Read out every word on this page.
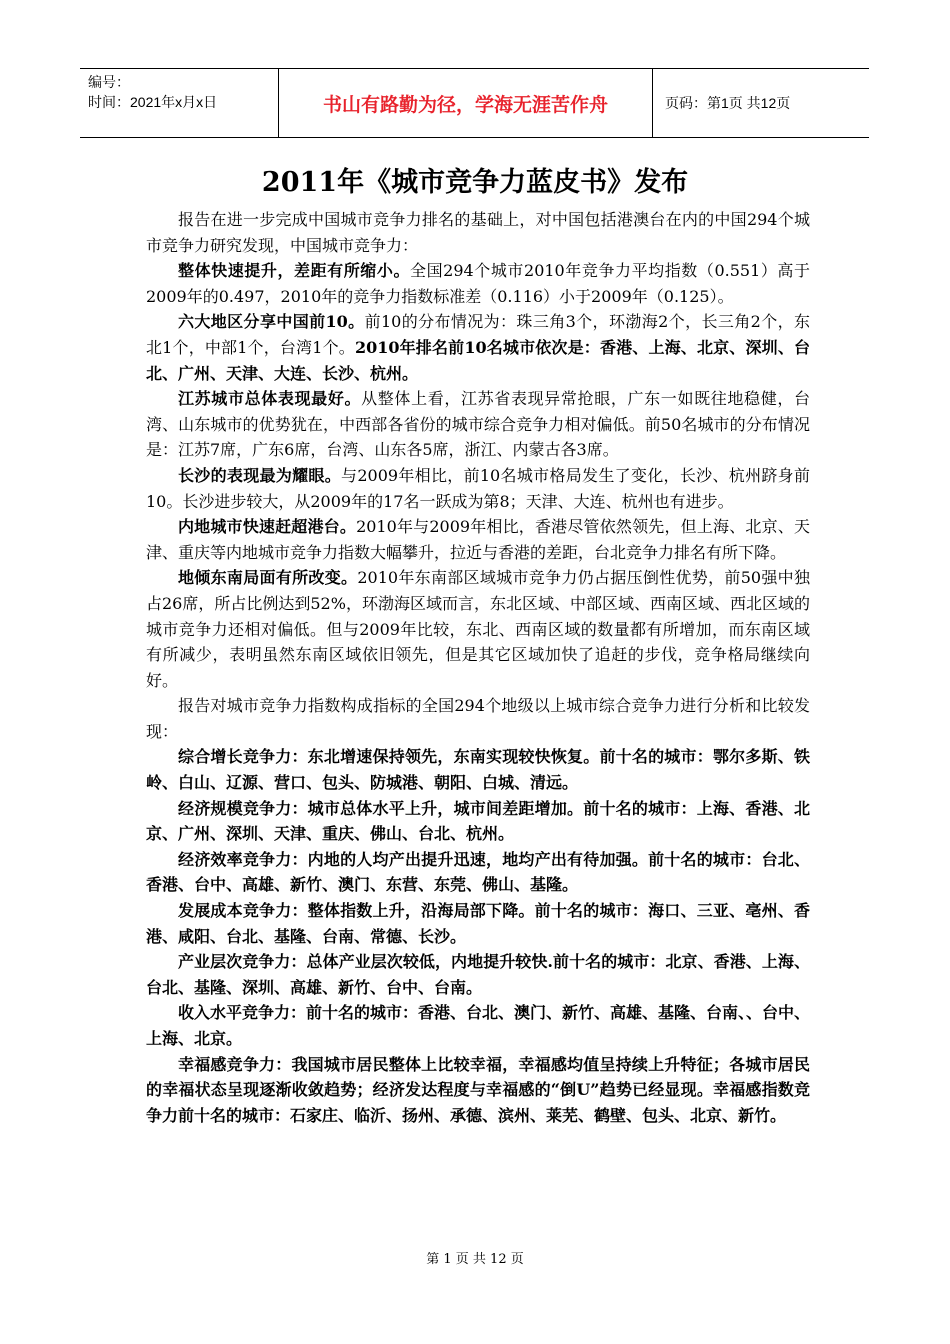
编号：
时间：2021年x月x日	书山有路勤为径，学海无涯苦作舟	页码：第1页 共12页
2011年《城市竞争力蓝皮书》发布

报告在进一步完成中国城市竞争力排名的基础上，对中国包括港澳台在内的中国294个城市竞争力研究发现，中国城市竞争力：

整体快速提升，差距有所缩小。全国294个城市2010年竞争力平均指数（0.551）高于2009年的0.497，2010年的竞争力指数标准差（0.116）小于2009年（0.125）。

六大地区分享中国前10。前10的分布情况为：珠三角3个，环渤海2个，长三角2个，东北1个，中部1个，台湾1个。2010年排名前10名城市依次是：香港、上海、北京、深圳、台北、广州、天津、大连、长沙、杭州。

江苏城市总体表现最好。从整体上看，江苏省表现异常抢眼，广东一如既往地稳健，台湾、山东城市的优势犹在，中西部各省份的城市综合竞争力相对偏低。前50名城市的分布情况是：江苏7席，广东6席，台湾、山东各5席，浙江、内蒙古各3席。

长沙的表现最为耀眼。与2009年相比，前10名城市格局发生了变化，长沙、杭州跻身前10。长沙进步较大，从2009年的17名一跃成为第8；天津、大连、杭州也有进步。

内地城市快速赶超港台。2010年与2009年相比，香港尽管依然领先，但上海、北京、天津、重庆等内地城市竞争力指数大幅攀升，拉近与香港的差距，台北竞争力排名有所下降。

地倾东南局面有所改变。2010年东南部区域城市竞争力仍占据压倒性优势，前50强中独占26席，所占比例达到52%，环渤海区域而言，东北区域、中部区域、西南区域、西北区域的城市竞争力还相对偏低。但与2009年比较，东北、西南区域的数量都有所增加，而东南区域有所减少，表明虽然东南区域依旧领先，但是其它区域加快了追赶的步伐，竞争格局继续向好。

报告对城市竞争力指数构成指标的全国294个地级以上城市综合竞争力进行分析和比较发现：

综合增长竞争力：东北增速保持领先，东南实现较快恢复。前十名的城市：鄂尔多斯、铁岭、白山、辽源、营口、包头、防城港、朝阳、白城、清远。

经济规模竞争力：城市总体水平上升，城市间差距增加。前十名的城市：上海、香港、北京、广州、深圳、天津、重庆、佛山、台北、杭州。

经济效率竞争力：内地的人均产出提升迅速，地均产出有待加强。前十名的城市：台北、香港、台中、高雄、新竹、澳门、东营、东莞、佛山、基隆。

发展成本竞争力：整体指数上升，沿海局部下降。前十名的城市：海口、三亚、亳州、香港、咸阳、台北、基隆、台南、常德、长沙。

产业层次竞争力：总体产业层次较低，内地提升较快.前十名的城市：北京、香港、上海、台北、基隆、深圳、高雄、新竹、台中、台南。

收入水平竞争力：前十名的城市：香港、台北、澳门、新竹、高雄、基隆、台南、、台中、上海、北京。

幸福感竞争力：我国城市居民整体上比较幸福，幸福感均值呈持续上升特征；各城市居民的幸福状态呈现逐渐收敛趋势；经济发达程度与幸福感的“倒U”趋势已经显现。幸福感指数竞争力前十名的城市：石家庄、临沂、扬州、承德、滨州、莱芜、鹤壁、包头、北京、新竹。

第 1 页 共 12 页
